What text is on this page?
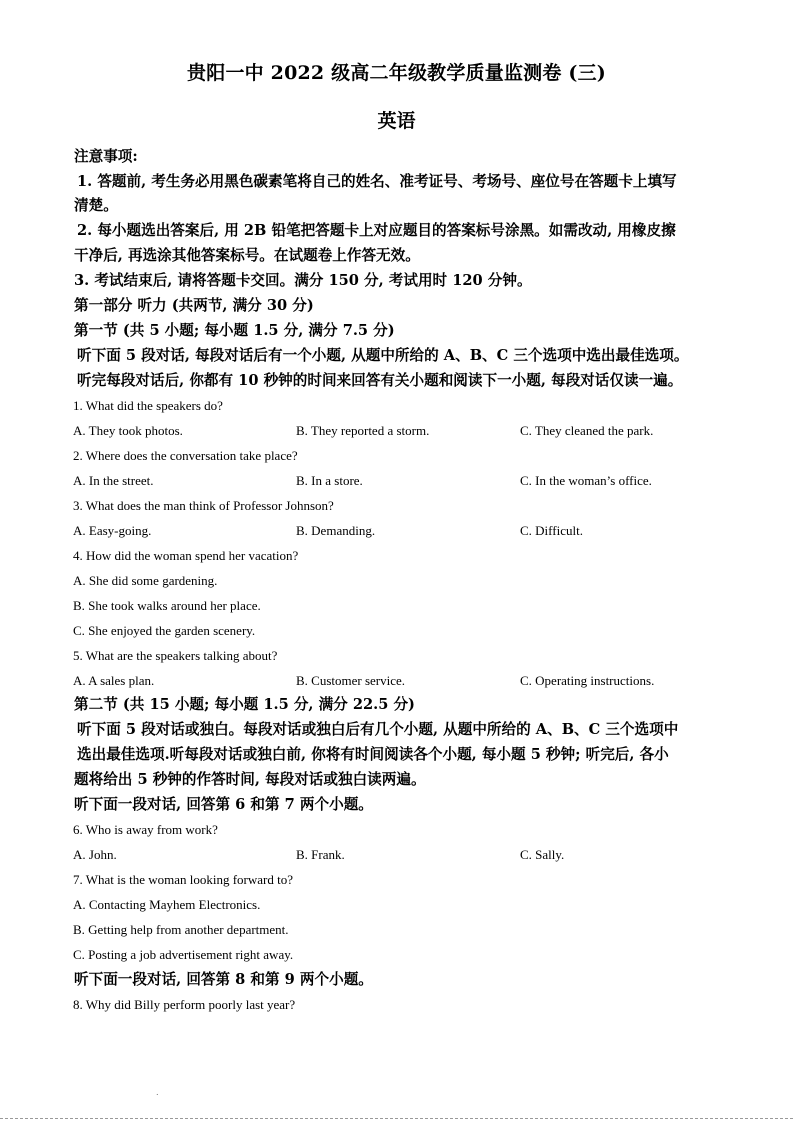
贵阳一中 2022 级高二年级教学质量监测卷 (三)
英语
注意事项:
1. 答题前, 考生务必用黑色碳素笔将自己的姓名、准考证号、考场号、座位号在答题卡上填写
清楚。
2. 每小题选出答案后, 用 2B 铅笔把答题卡上对应题目的答案标号涂黑。如需改动, 用橡皮擦
干净后, 再选涂其他答案标号。在试题卷上作答无效。
3. 考试结束后, 请将答题卡交回。满分 150 分, 考试用时 120 分钟。
第一部分 听力 (共两节, 满分 30 分)
第一节 (共 5 小题; 每小题 1.5 分, 满分 7.5 分)
听下面 5 段对话, 每段对话后有一个小题, 从题中所给的 A、B、C 三个选项中选出最佳选项。
听完每段对话后, 你都有 10 秒钟的时间来回答有关小题和阅读下一小题, 每段对话仅读一遍。
1. What did the speakers do?
A. They took photos.	B. They reported a storm.	C. They cleaned the park.
2. Where does the conversation take place?
A. In the street.	B. In a store.	C. In the woman’s office.
3. What does the man think of Professor Johnson?
A. Easy-going.	B. Demanding.	C. Difficult.
4. How did the woman spend her vacation?
A. She did some gardening.
B. She took walks around her place.
C. She enjoyed the garden scenery.
5. What are the speakers talking about?
A. A sales plan.	B. Customer service.	C. Operating instructions.
第二节 (共 15 小题; 每小题 1.5 分, 满分 22.5 分)
听下面 5 段对话或独白。每段对话或独白后有几个小题, 从题中所给的 A、B、C 三个选项中
选出最佳选项.听每段对话或独白前, 你将有时间阅读各个小题, 每小题 5 秒钟; 听完后, 各小
题将给出 5 秒钟的作答时间, 每段对话或独白读两遍。
听下面一段对话, 回答第 6 和第 7 两个小题。
6. Who is away from work?
A. John.	B. Frank.	C. Sally.
7. What is the woman looking forward to?
A. Contacting Mayhem Electronics.
B. Getting help from another department.
C. Posting a job advertisement right away.
听下面一段对话, 回答第 8 和第 9 两个小题。
8. Why did Billy perform poorly last year?
.
